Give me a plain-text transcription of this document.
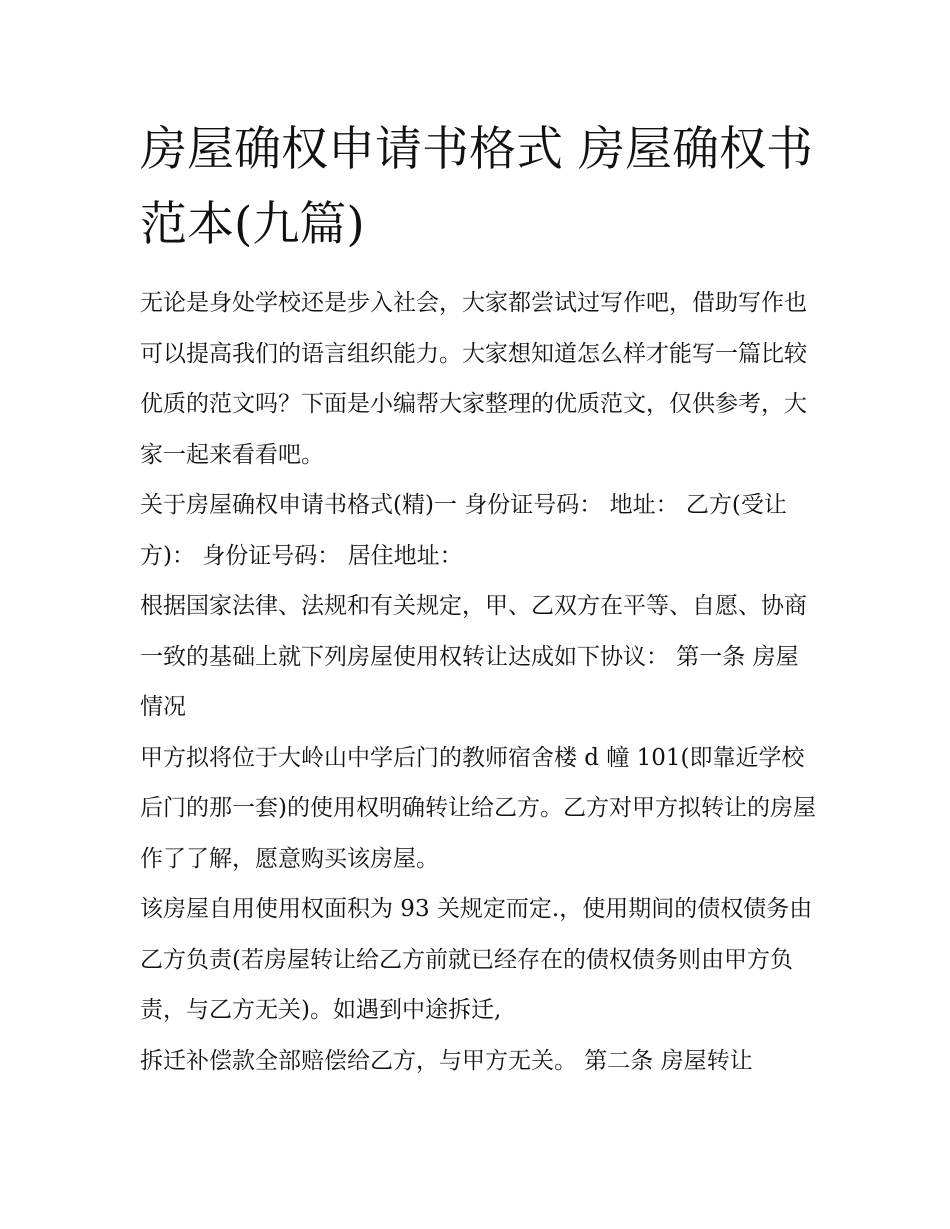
房屋确权申请书格式 房屋确权书范本(九篇)

无论是身处学校还是步入社会，大家都尝试过写作吧，借助写作也可以提高我们的语言组织能力。大家想知道怎么样才能写一篇比较优质的范文吗？下面是小编帮大家整理的优质范文，仅供参考，大家一起来看看吧。

关于房屋确权申请书格式(精)一 身份证号码： 地址： 乙方(受让方)： 身份证号码： 居住地址：

根据国家法律、法规和有关规定，甲、乙双方在平等、自愿、协商一致的基础上就下列房屋使用权转让达成如下协议： 第一条 房屋情况

甲方拟将位于大岭山中学后门的教师宿舍楼 d 幢 101(即靠近学校后门的那一套)的使用权明确转让给乙方。乙方对甲方拟转让的房屋作了了解，愿意购买该房屋。

该房屋自用使用权面积为 93 关规定而定.，使用期间的债权债务由乙方负责(若房屋转让给乙方前就已经存在的债权债务则由甲方负责，与乙方无关)。如遇到中途拆迁,

拆迁补偿款全部赔偿给乙方，与甲方无关。 第二条 房屋转让
